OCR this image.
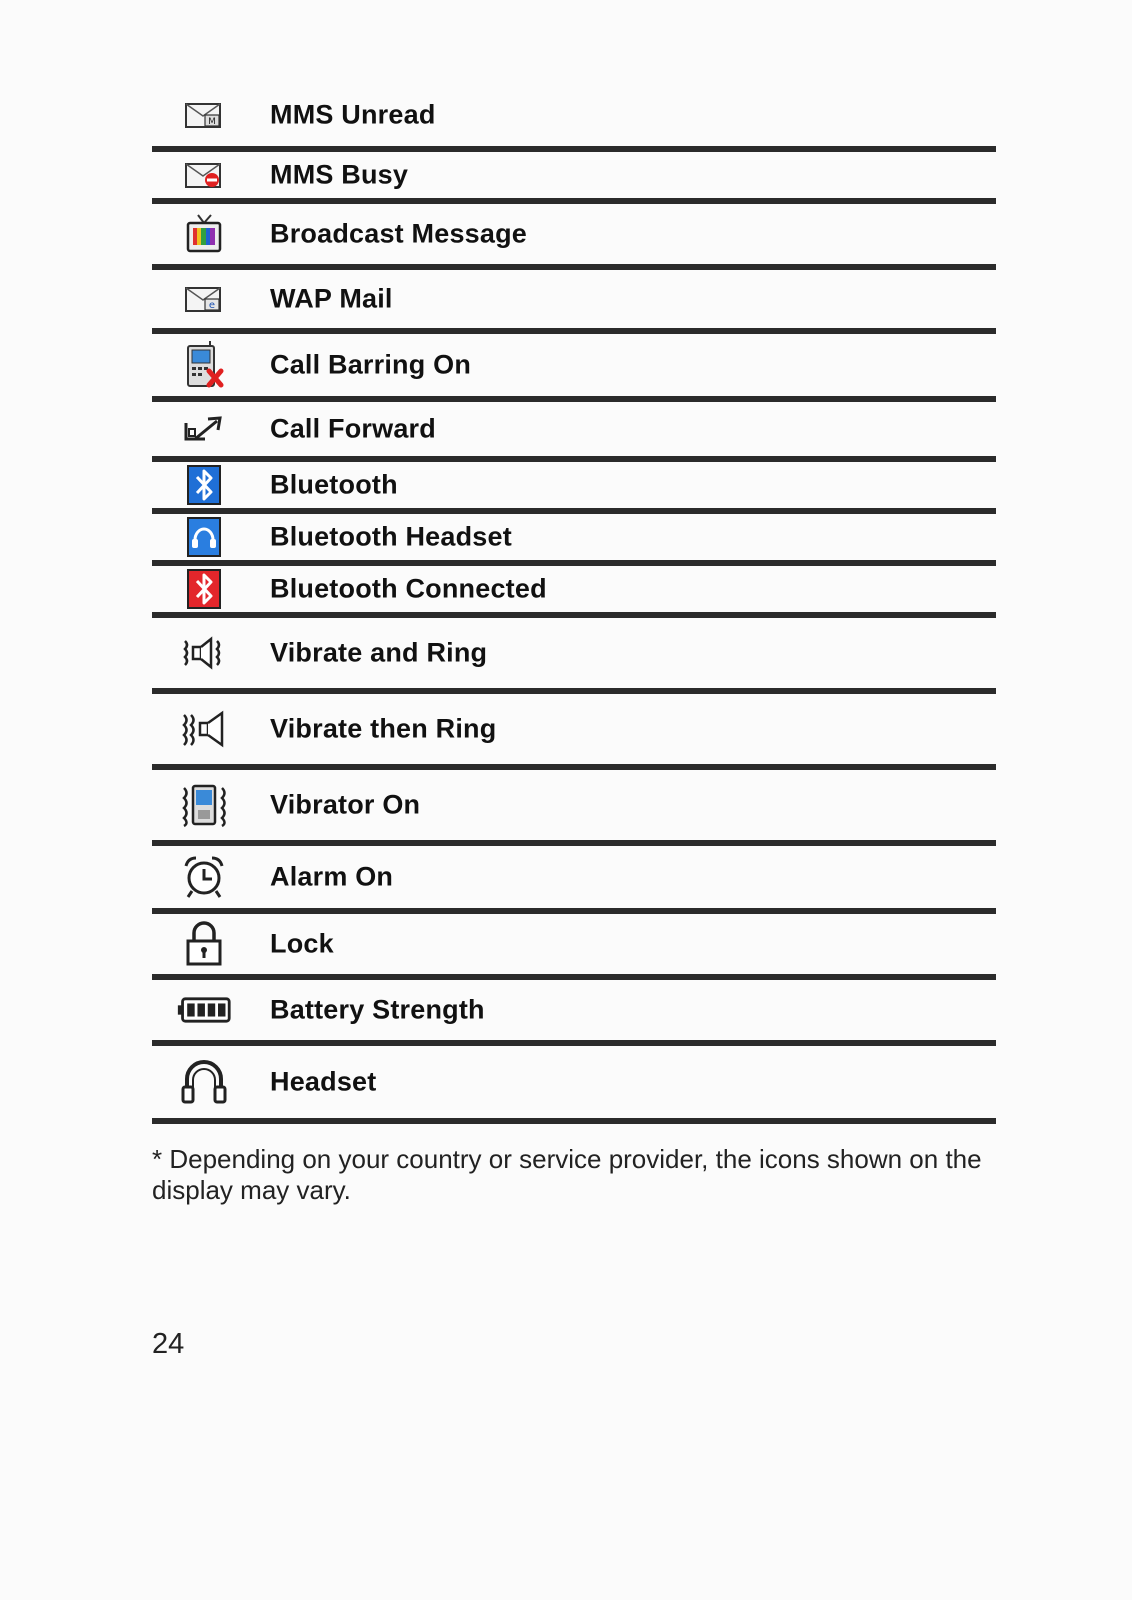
M MMS Unread
MMS Busy
Broadcast Message
e WAP Mail
Call Barring On
Call Forward
Bluetooth
Bluetooth Headset
Bluetooth Connected
Vibrate and Ring
Vibrate then Ring
Vibrator On
Alarm On
Lock
Battery Strength
Headset
* Depending on your country or service provider, the icons shown on the display may vary.
24
